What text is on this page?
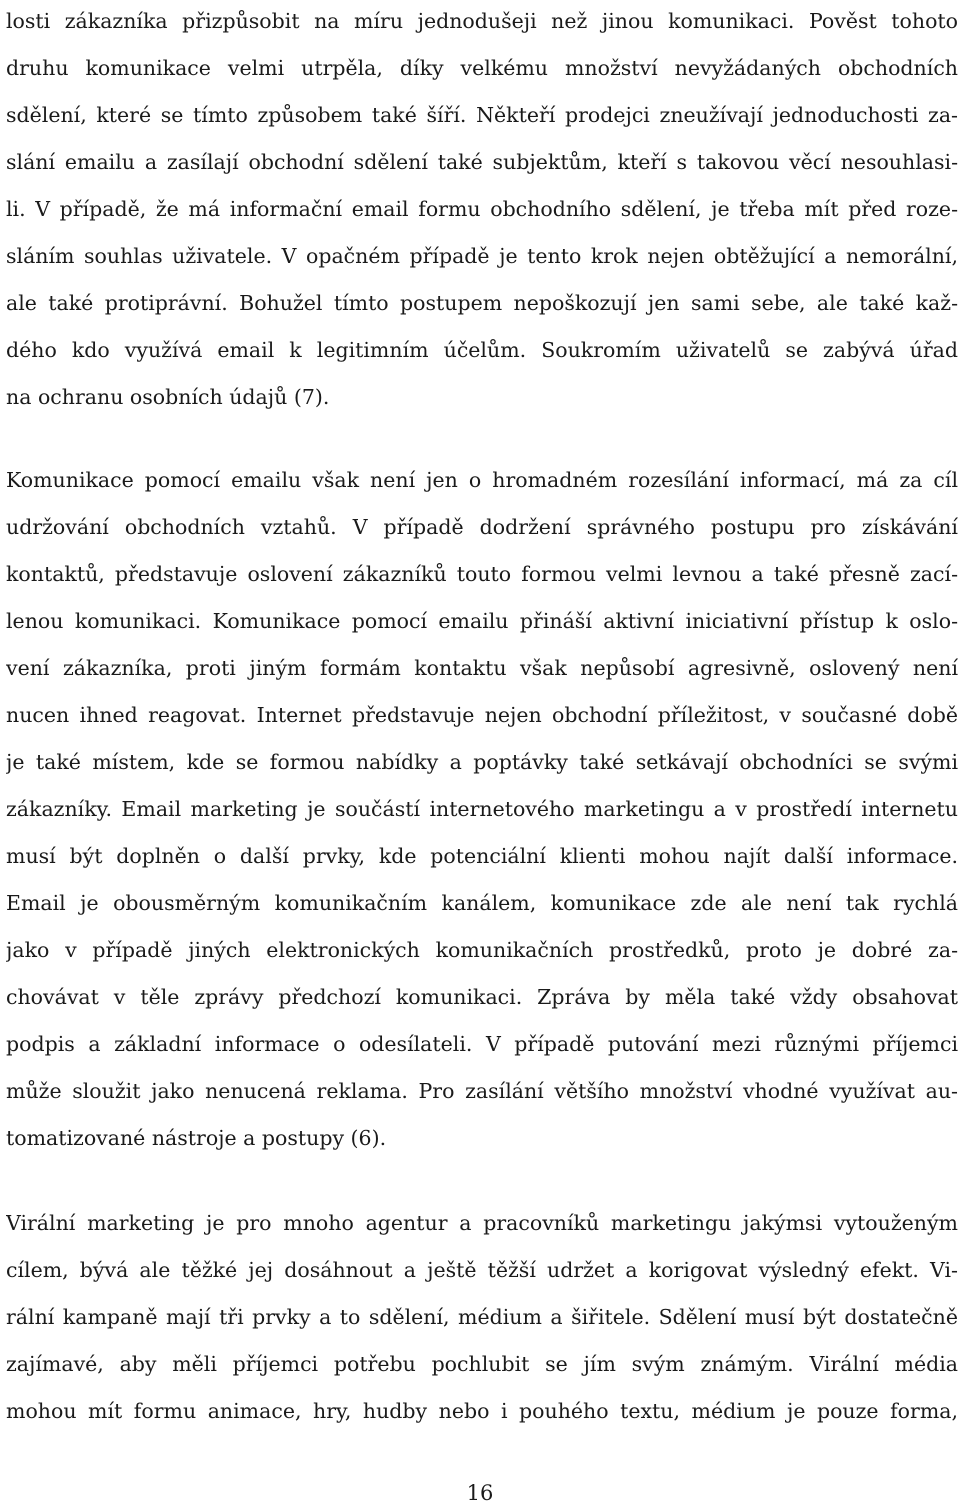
losti zákazníka přizpůsobit na míru jednodušeji než jinou komunikaci. Pověst tohoto
druhu komunikace velmi utrpěla, díky velkému množství nevyžádaných obchodních
sdělení, které se tímto způsobem také šíří. Někteří prodejci zneužívají jednoduchosti za-
slání emailu a zasílají obchodní sdělení také subjektům, kteří s takovou věcí nesouhlasi-
li. V případě, že má informační email formu obchodního sdělení, je třeba mít před roze-
sláním souhlas uživatele. V opačném případě je tento krok nejen obtěžující a nemorální,
ale také protiprávní. Bohužel tímto postupem nepoškozují jen sami sebe, ale také kaž-
dého kdo využívá email k legitimním účelům. Soukromím uživatelů se zabývá úřad
na ochranu osobních údajů (7).
Komunikace pomocí emailu však není jen o hromadném rozesílání informací, má za cíl
udržování obchodních vztahů. V případě dodržení správného postupu pro získávání
kontaktů, představuje oslovení zákazníků touto formou velmi levnou a také přesně zací-
lenou komunikaci. Komunikace pomocí emailu přináší aktivní iniciativní přístup k oslo-
vení zákazníka, proti jiným formám kontaktu však nepůsobí agresivně, oslovený není
nucen ihned reagovat. Internet představuje nejen obchodní příležitost, v současné době
je také místem, kde se formou nabídky a poptávky také setkávají obchodníci se svými
zákazníky. Email marketing je součástí internetového marketingu a v prostředí internetu
musí být doplněn o další prvky, kde potenciální klienti mohou najít další informace.
Email je obousměrným komunikačním kanálem, komunikace zde ale není tak rychlá
jako v případě jiných elektronických komunikačních prostředků, proto je dobré za-
chovávat v těle zprávy předchozí komunikaci. Zpráva by měla také vždy obsahovat
podpis a základní informace o odesílateli. V případě putování mezi různými příjemci
může sloužit jako nenucená reklama. Pro zasílání většího množství vhodné využívat au-
tomatizované nástroje a postupy (6).
Virální marketing je pro mnoho agentur a pracovníků marketingu jakýmsi vytouženým
cílem, bývá ale těžké jej dosáhnout a ještě těžší udržet a korigovat výsledný efekt. Vi-
rální kampaně mají tři prvky a to sdělení, médium a šiřitele. Sdělení musí být dostatečně
zajímavé, aby měli příjemci potřebu pochlubit se jím svým známým. Virální média
mohou mít formu animace, hry, hudby nebo i pouhého textu, médium je pouze forma,
16
